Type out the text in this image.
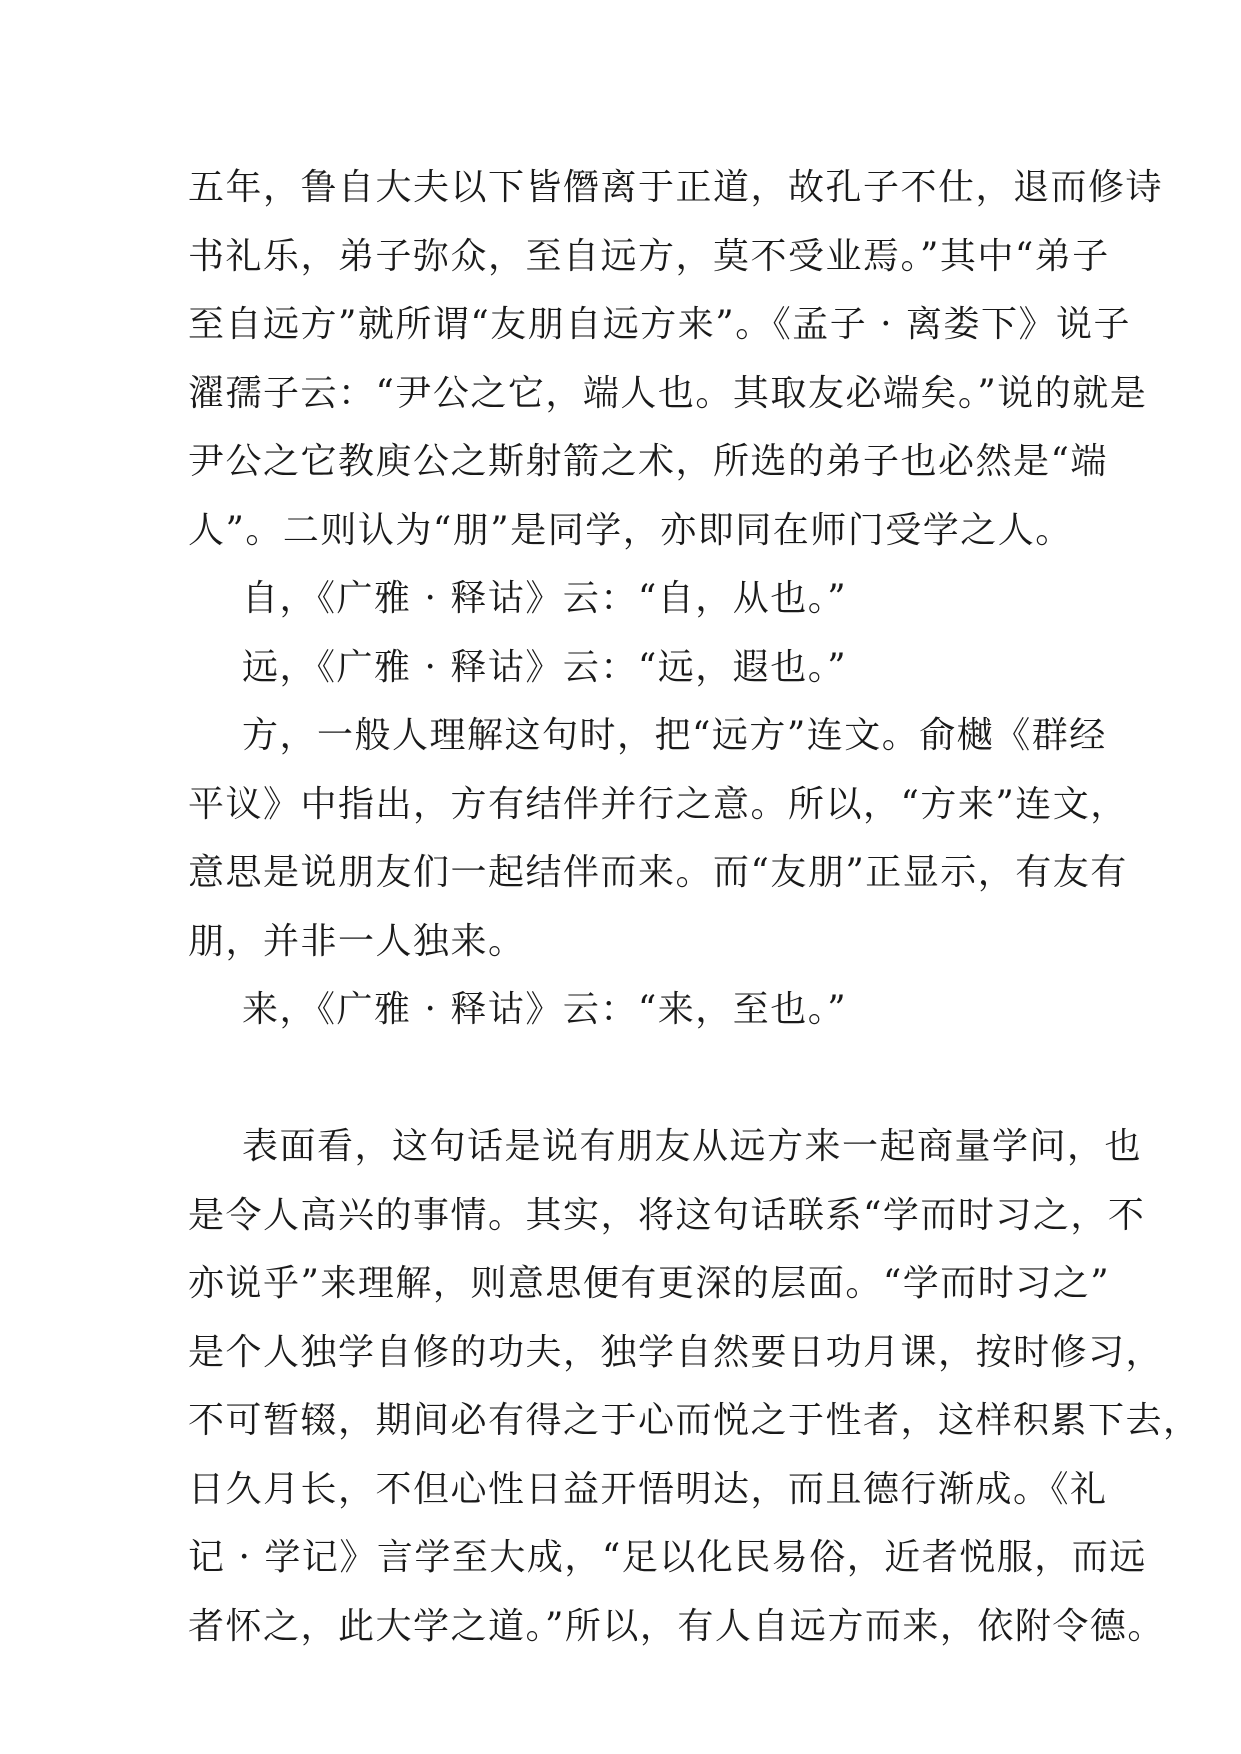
五年，鲁自大夫以下皆僭离于正道，故孔子不仕，退而修诗
书礼乐，弟子弥众，至自远方，莫不受业焉。”其中“弟子
至自远方”就所谓“友朋自远方来”。《孟子 · 离娄下》说子
濯孺子云：“尹公之它，端人也。其取友必端矣。”说的就是
尹公之它教庾公之斯射箭之术，所选的弟子也必然是“端
人”。二则认为“朋”是同学，亦即同在师门受学之人。
自，《广雅 · 释诂》云：“自，从也。”
远，《广雅 · 释诂》云：“远，遐也。”
方，一般人理解这句时，把“远方”连文。俞樾《群经
平议》中指出，方有结伴并行之意。所以，“方来”连文，
意思是说朋友们一起结伴而来。而“友朋”正显示，有友有
朋，并非一人独来。
来，《广雅 · 释诂》云：“来，至也。”
表面看，这句话是说有朋友从远方来一起商量学问，也
是令人高兴的事情。其实，将这句话联系“学而时习之，不
亦说乎”来理解，则意思便有更深的层面。“学而时习之”
是个人独学自修的功夫，独学自然要日功月课，按时修习，
不可暂辍，期间必有得之于心而悦之于性者，这样积累下去，
日久月长，不但心性日益开悟明达，而且德行渐成。《礼
记 · 学记》言学至大成，“足以化民易俗，近者悦服，而远
者怀之，此大学之道。”所以，有人自远方而来，依附令德。
